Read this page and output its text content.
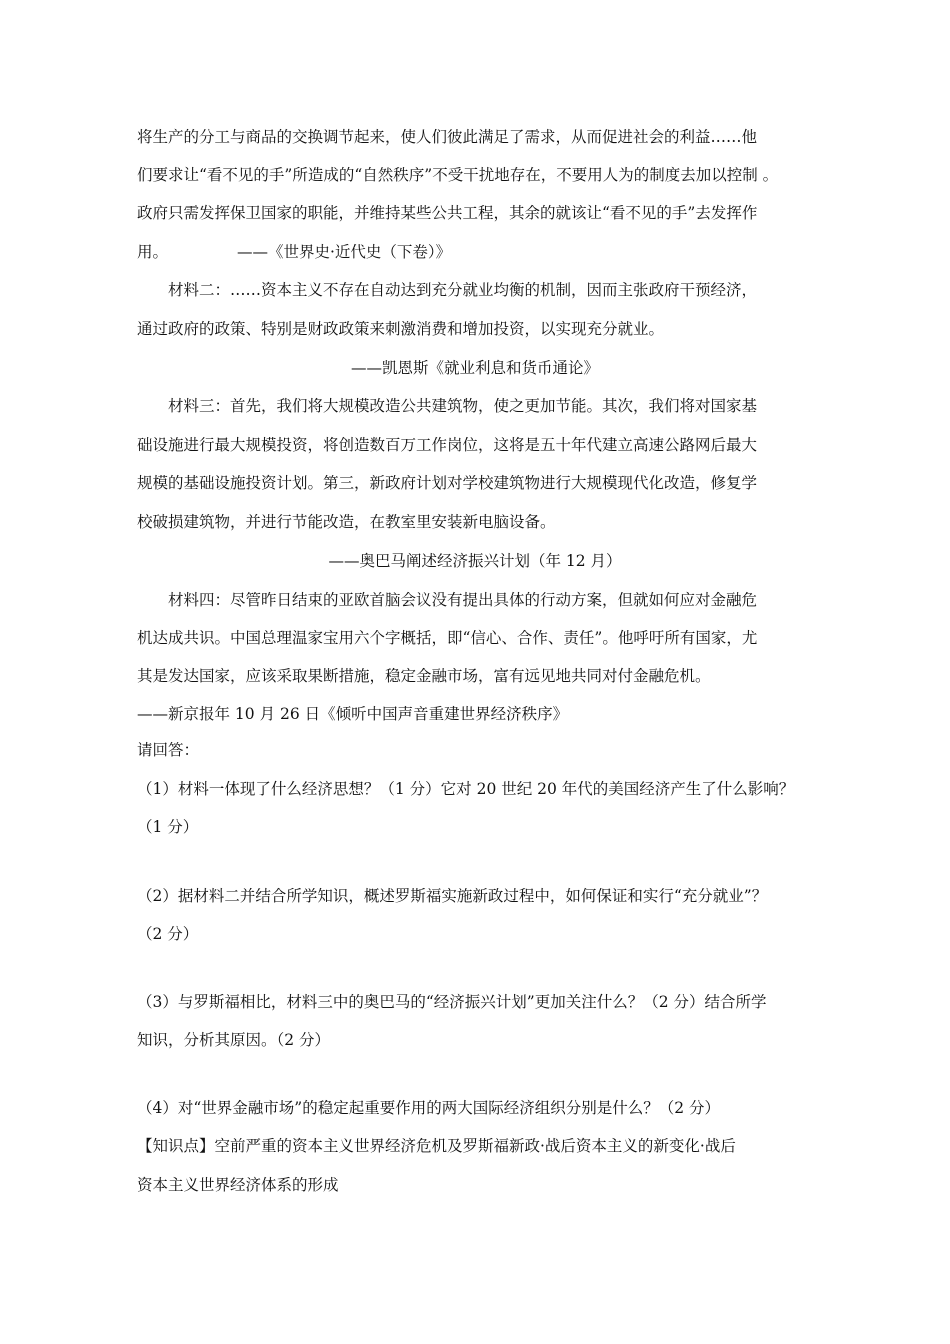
将生产的分工与商品的交换调节起来，使人们彼此满足了需求，从而促进社会的利益……他
们要求让“看不见的手”所造成的“自然秩序”不受干扰地存在，不要用人为的制度去加以控制 。
政府只需发挥保卫国家的职能，并维持某些公共工程，其余的就该让“看不见的手”去发挥作
用。              ——《世界史·近代史（下卷）》
材料二：……资本主义不存在自动达到充分就业均衡的机制，因而主张政府干预经济，
通过政府的政策、特别是财政政策来刺激消费和增加投资，以实现充分就业。
——凯恩斯《就业利息和货币通论》
材料三：首先，我们将大规模改造公共建筑物，使之更加节能。其次，我们将对国家基
础设施进行最大规模投资，将创造数百万工作岗位，这将是五十年代建立高速公路网后最大
规模的基础设施投资计划。第三，新政府计划对学校建筑物进行大规模现代化改造，修复学
校破损建筑物，并进行节能改造，在教室里安装新电脑设备。
——奥巴马阐述经济振兴计划（年 12 月）
材料四：尽管昨日结束的亚欧首脑会议没有提出具体的行动方案，但就如何应对金融危
机达成共识。中国总理温家宝用六个字概括，即“信心、合作、责任”。他呼吁所有国家，尤
其是发达国家，应该采取果断措施，稳定金融市场，富有远见地共同对付金融危机。
——新京报年 10 月 26 日《倾听中国声音重建世界经济秩序》
请回答：
（1）材料一体现了什么经济思想？（1 分）它对 20 世纪 20 年代的美国经济产生了什么影响？
（1 分）
（2）据材料二并结合所学知识，概述罗斯福实施新政过程中，如何保证和实行“充分就业”？
（2 分）
（3）与罗斯福相比，材料三中的奥巴马的“经济振兴计划”更加关注什么？（2 分）结合所学
知识，分析其原因。（2 分）
（4）对“世界金融市场”的稳定起重要作用的两大国际经济组织分别是什么？（2 分）
【知识点】空前严重的资本主义世界经济危机及罗斯福新政·战后资本主义的新变化·战后
资本主义世界经济体系的形成
